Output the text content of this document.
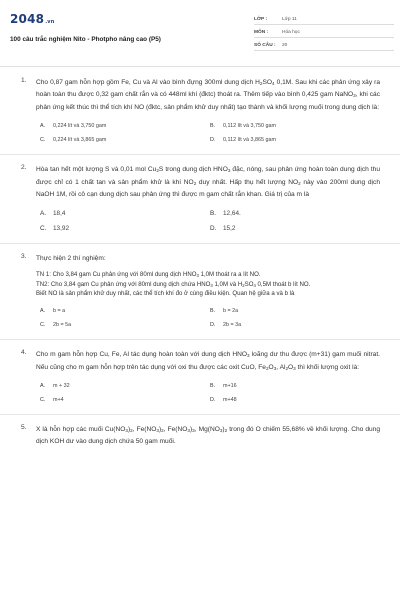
2048.vn
100 câu trắc nghiệm Nito - Photpho nâng cao (P5)
LỚP :	Lớp 11
MÔN :	Hóa học
SỐ CÂU :	20
1. Cho 0,87 gam hỗn hợp gồm Fe, Cu và Al vào bình đựng 300ml dung dịch $H_2SO_4$ 0,1M. Sau khi các phản ứng xảy ra hoàn toàn thu được 0,32 gam chất rắn và có 448ml khí (đktc) thoát ra. Thêm tiếp vào bình 0,425 gam NaNO$_3$, khi các phản ứng kết thúc thì thể tích khí NO (đktc, sản phẩm khử duy nhất) tạo thành và khối lượng muối trong dung dịch là:
A.	0,224 lít và 3,750 gam	B.	0,112 lít và 3,750 gam
C.	0,224 lít và 3,865 gam	D.	0,112 lít và 3,865 gam
2. Hòa tan hết một lượng S và 0,01 mol $Cu_2S$ trong dung dịch $HNO_3$ đặc, nóng, sau phản ứng hoàn toàn dung dịch thu được chỉ có 1 chất tan và sản phẩm khử là khí $NO_2$ duy nhất. Hấp thụ hết lượng $NO_2$ này vào 200ml dung dịch NaOH 1M, rồi cô cạn dung dịch sau phản ứng thì được m gam chất rắn khan. Giá trị của m là
A.	18,4	B.	12,64.
C.	13,92	D.	15,2
3. Thực hiện 2 thí nghiệm:
TN 1: Cho 3,84 gam Cu phản ứng với 80ml dung dịch $HNO_3$ 1,0M thoát ra a lít NO.
TN2: Cho 3,84 gam Cu phản ứng với 80ml dung dịch chứa $HNO_3$ 1,0M và $H_2SO_4$ 0,5M thoát b lít NO.
Biết NO là sản phẩm khử duy nhất, các thể tích khí đo ở cùng điều kiện. Quan hệ giữa a và b là
A.	b = a	B.	b = 2a
C.	2b = 5a	D.	2b = 3a
4. Cho m gam hỗn hợp Cu, Fe, Al tác dụng hoàn toàn với dung dịch $HNO_3$ loãng dư thu được (m+31) gam muối nitrat. Nếu cũng cho m gam hỗn hợp trên tác dụng với oxi thu được các oxit CuO, $Fe_2O_3$, $Al_2O_3$ thì khối lượng oxit là:
A.	m + 32	B.	m+16
C.	m+4	D.	m+48
5. X là hỗn hợp các muối $Cu(NO_3)_2$, $Fe(NO_3)_2$, $Fe(NO_3)_3$, $Mg(NO_3)_2$ trong đó O chiếm 55,68% về khối lượng. Cho dung dịch KOH dư vào dung dịch chứa 50 gam muối.
